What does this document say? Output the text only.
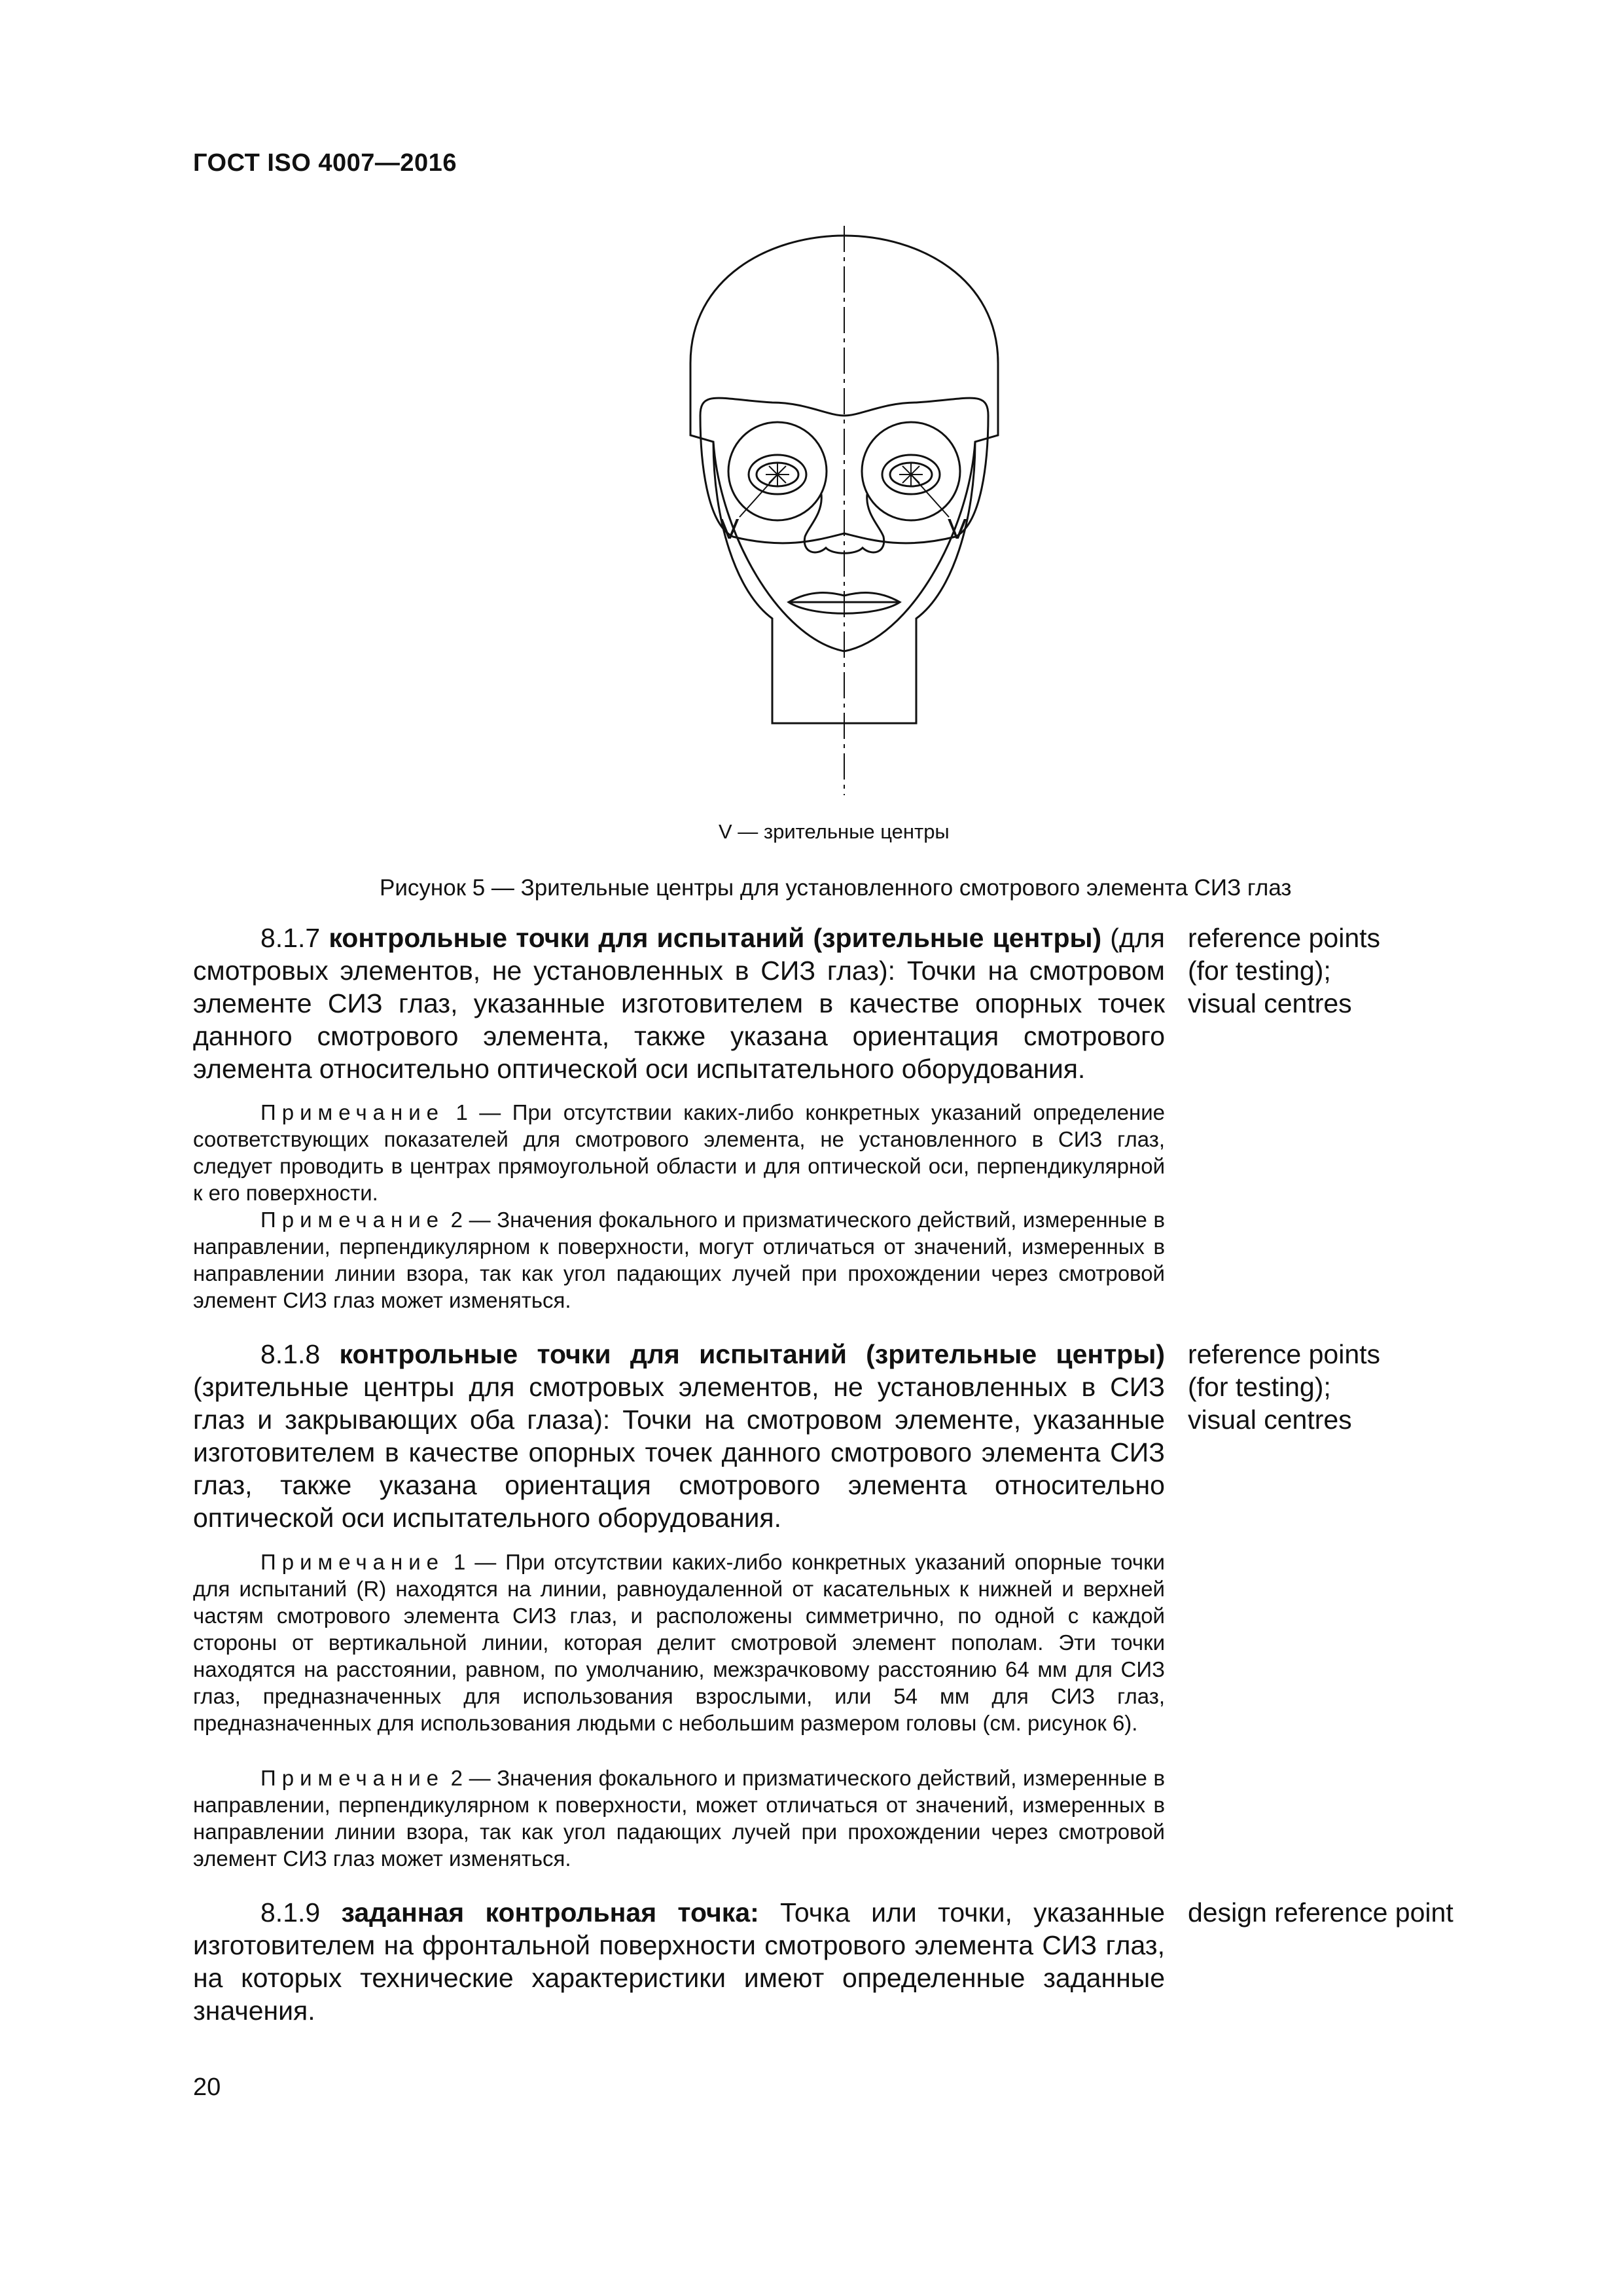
ГОСТ ISO 4007—2016
V	V
V — зрительные центры
Рисунок 5 — Зрительные центры для установленного смотрового элемента СИЗ глаз
8.1.7 контрольные точки для испытаний (зрительные центры) (для смотровых элементов, не установленных в СИЗ глаз): Точки на смотровом элементе СИЗ глаз, указанные изготовителем в качестве опорных точек данного смотрового элемента, также указана ориентация смотрового элемента относительно оптической оси испытательного оборудования.
reference points
(for testing);
visual centres
Примечание 1 — При отсутствии каких-либо конкретных указаний определение соответствующих показателей для смотрового элемента, не установленного в СИЗ глаз, следует проводить в центрах прямоугольной области и для оптической оси, перпендикулярной к его поверхности.
Примечание 2 — Значения фокального и призматического действий, измеренные в направлении, перпендикулярном к поверхности, могут отличаться от значений, измеренных в направлении линии взора, так как угол падающих лучей при прохождении через смотровой элемент СИЗ глаз может изменяться.
8.1.8 контрольные точки для испытаний (зрительные центры) (зрительные центры для смотровых элементов, не установленных в СИЗ глаз и закрывающих оба глаза): Точки на смотровом элементе, указанные изготовителем в качестве опорных точек данного смотрового элемента СИЗ глаз, также указана ориентация смотрового элемента относительно оптической оси испытательного оборудования.
reference points
(for testing);
visual centres
Примечание 1 — При отсутствии каких-либо конкретных указаний опорные точки для испытаний (R) находятся на линии, равноудаленной от касательных к нижней и верхней частям смотрового элемента СИЗ глаз, и расположены симметрично, по одной с каждой стороны от вертикальной линии, которая делит смотровой элемент пополам. Эти точки находятся на расстоянии, равном, по умолчанию, межзрачковому расстоянию 64 мм для СИЗ глаз, предназначенных для использования взрослыми, или 54 мм для СИЗ глаз, предназначенных для использования людьми с небольшим размером головы (см. рисунок 6).
Примечание 2 — Значения фокального и призматического действий, измеренные в направлении, перпендикулярном к поверхности, может отличаться от значений, измеренных в направлении линии взора, так как угол падающих лучей при прохождении через смотровой элемент СИЗ глаз может изменяться.
8.1.9 заданная контрольная точка: Точка или точки, указанные изготовителем на фронтальной поверхности смотрового элемента СИЗ глаз, на которых технические характеристики имеют определенные заданные значения.
design reference point
20
